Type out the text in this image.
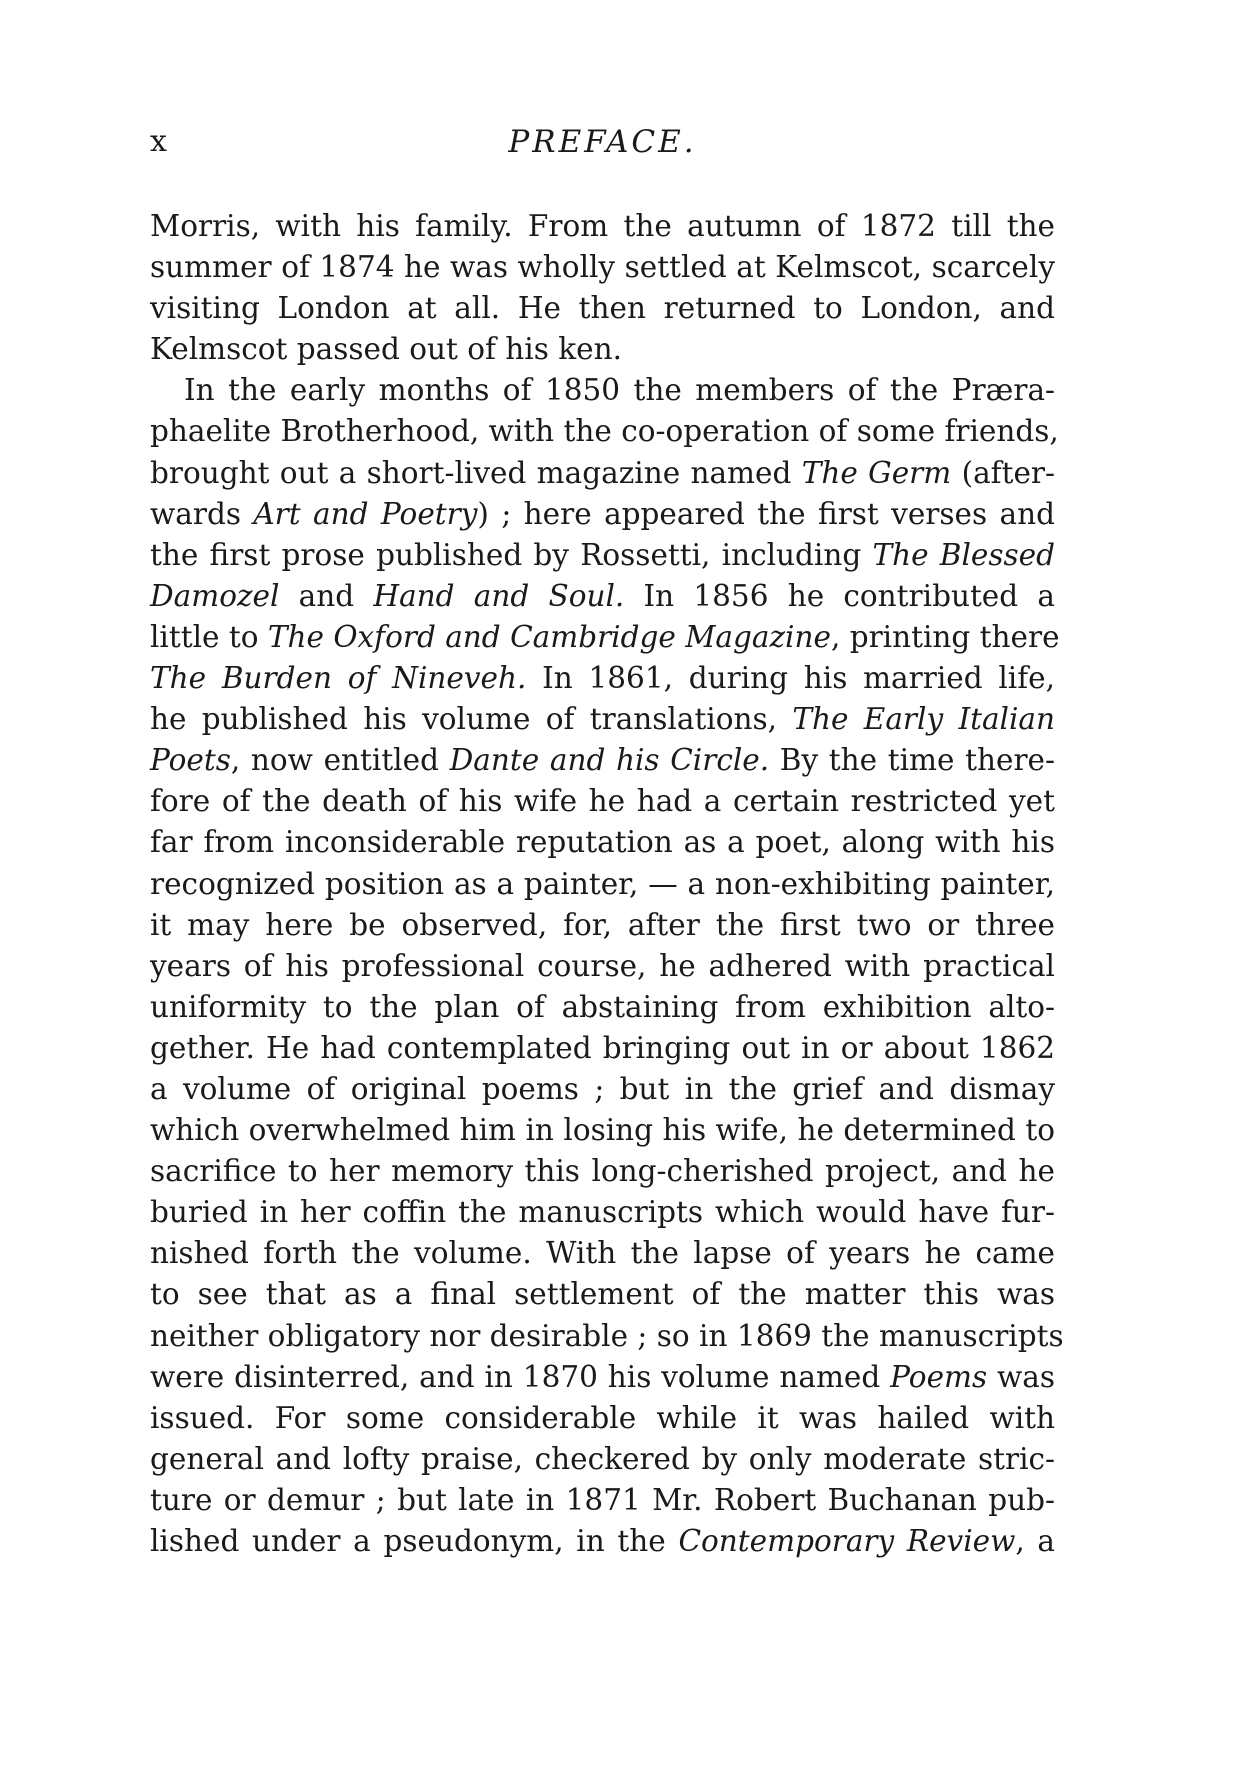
x	PREFACE.

Morris, with his family. From the autumn of 1872 till the
summer of 1874 he was wholly settled at Kelmscot, scarcely
visiting London at all. He then returned to London, and
Kelmscot passed out of his ken.

In the early months of 1850 the members of the Præra-
phaelite Brotherhood, with the co-operation of some friends,
brought out a short-lived magazine named The Germ (after-
wards Art and Poetry) ; here appeared the first verses and
the first prose published by Rossetti, including The Blessed
Damozel and Hand and Soul. In 1856 he contributed a
little to The Oxford and Cambridge Magazine, printing there
The Burden of Nineveh. In 1861, during his married life,
he published his volume of translations, The Early Italian
Poets, now entitled Dante and his Circle. By the time there-
fore of the death of his wife he had a certain restricted yet
far from inconsiderable reputation as a poet, along with his
recognized position as a painter, — a non-exhibiting painter,
it may here be observed, for, after the first two or three
years of his professional course, he adhered with practical
uniformity to the plan of abstaining from exhibition alto-
gether. He had contemplated bringing out in or about 1862
a volume of original poems ; but in the grief and dismay
which overwhelmed him in losing his wife, he determined to
sacrifice to her memory this long-cherished project, and he
buried in her coffin the manuscripts which would have fur-
nished forth the volume. With the lapse of years he came
to see that as a final settlement of the matter this was
neither obligatory nor desirable ; so in 1869 the manuscripts
were disinterred, and in 1870 his volume named Poems was
issued. For some considerable while it was hailed with
general and lofty praise, checkered by only moderate stric-
ture or demur ; but late in 1871 Mr. Robert Buchanan pub-
lished under a pseudonym, in the Contemporary Review, a
